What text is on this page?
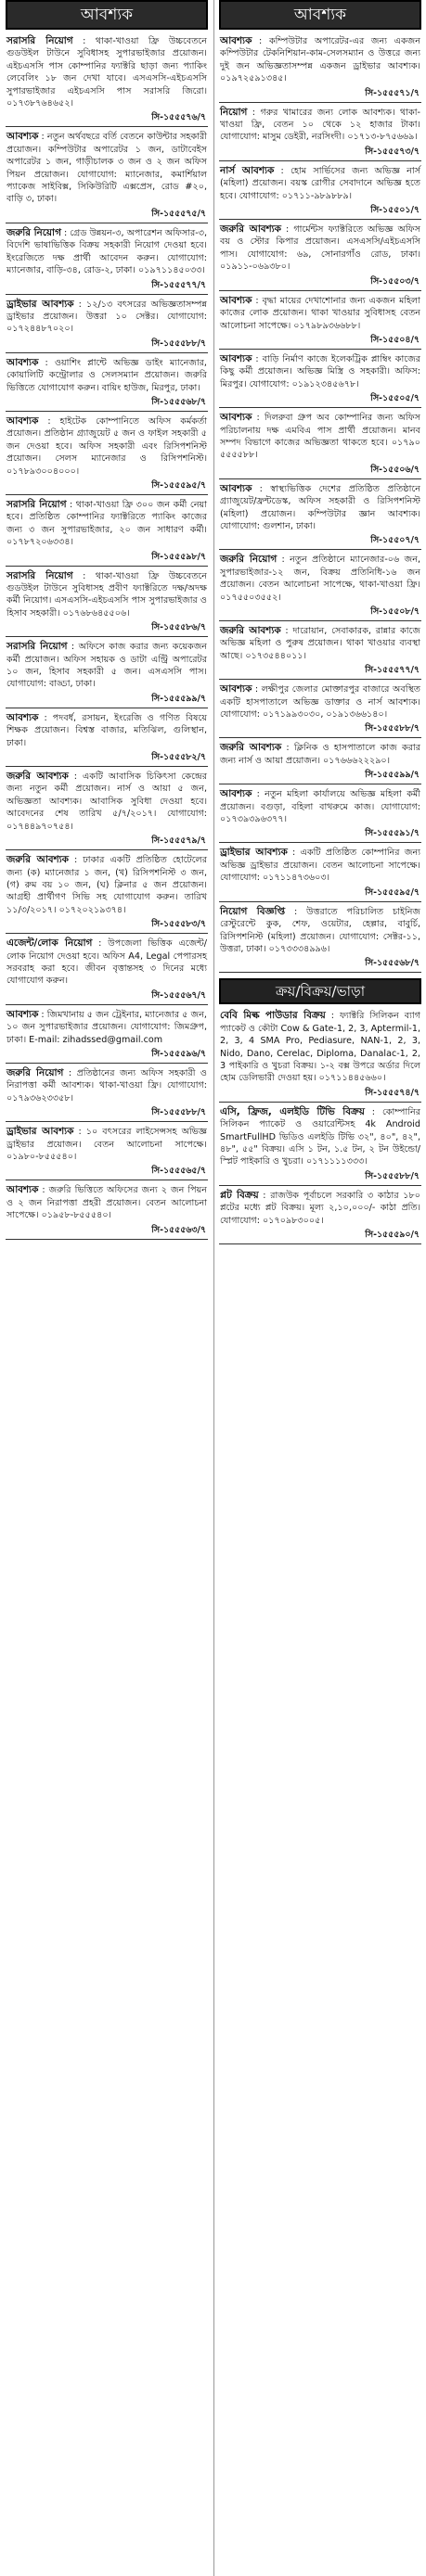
আবশ্যক
সরাসরি নিয়োগ : থাকা-খাওয়া ফ্রি উচ্চবেতনে গুডউইল টাউনে সুবিধাসহ সুপারভাইজার প্রয়োজন। এইচএসসি পাস কোম্পানির ফ্যাক্টরি ছাড়া জন্য প্যাকিং লেবেলিং ১৮ জন দেখা যাবে। এসএসসি-এইচএসসি সুপারভাইজার এইচএসসি পাস সরাসরি জিরো। ০১৭৩৮৭৬৪৬৫২।
সি-১৫৫৫৭৬/৭
আবশ্যক : নতুন অর্থবছরে বর্তি বেতনে কাউন্টার সহকারী প্রয়োজন। কম্পিউটার অপারেটর ১ জন, ডাটাবেইস অপারেটর ১ জন, গাড়ীচালক ৩ জন ও ২ জন অফিস পিয়ন প্রয়োজন। যোগাযোগ: ম্যানেজার, কমার্শিয়াল প্যাকেজ সাইবিক্স, সিকিউরিটি এক্সপ্রেস, রোড #২০, বাড়ি ৩, ঢাকা।
সি-১৫৫৫৭৫/৭
জরুরি নিয়োগ : গ্রেড উন্নয়ন-৩, অপারেশন অফিসার-৩, বিদেশি ভাষাভিত্তিক বিক্রয় সহকারী নিয়োগ দেওয়া হবে। ইংরেজিতে দক্ষ প্রার্থী আবেদন করুন। যোগাযোগ: ম্যানেজার, বাড়ি-৩৪, রোড-২, ঢাকা। ০১৯৭১১৪৫০৩৩।
সি-১৫৫৫৭৭/৭
ড্রাইভার আবশ্যক : ১২/১৩ বৎসরের অভিজ্ঞতাসম্পন্ন ড্রাইভার প্রয়োজন। উত্তরা ১০ সেক্টর। যোগাযোগ: ০১৭২৪৪৮৭০২০।
সি-১৫৫৫৮৮/৭
আবশ্যক : ওয়াশিং প্লান্টে অভিজ্ঞ ডাইং ম্যানেজার, কোয়ালিটি কন্ট্রোলার ও সেলসম্যান প্রয়োজন। জরুরি ভিত্তিতে যোগাযোগ করুন। বায়িং হাউজ, মিরপুর, ঢাকা।
সি-১৫৫৫৬৮/৭
আবশ্যক : হাইটেক কোম্পানিতে অফিস কর্মকর্তা প্রয়োজন। প্রতিষ্ঠান গ্র্যাজুয়েট ৫ জন ও ফাইল সহকারী ৫ জন দেওয়া হবে। অফিস সহকারী এবং রিসিপশনিস্ট প্রয়োজন। সেলস ম্যানেজার ও রিসিপশনিস্ট। ০১৭৮৯৩০০৪০০০।
সি-১৫৫৫৯৫/৭
সরাসরি নিয়োগ : থাকা-খাওয়া ফ্রি ৩০০ জন কর্মী নেয়া হবে। প্রতিষ্ঠিত কোম্পানির ফ্যাক্টরিতে প্যাকিং কাজের জন্য ৩ জন সুপারভাইজার, ২০ জন সাধারণ কর্মী। ০১৭৮৭২০৬৩৩৪।
সি-১৫৫৫৯৮/৭
সরাসরি নিয়োগ : থাকা-খাওয়া ফ্রি উচ্চবেতনে গুডউইল টাউনে সুবিধাসহ প্রবীণ ফ্যাক্টরিতে দক্ষ/অদক্ষ কর্মী নিয়োগ। এসএসসি-এইচএসসি পাস সুপারভাইজার ও হিসাব সহকারী। ০১৭৬৮৬৪৫৫০৬।
সি-১৫৫৫৮৬/৭
সরাসরি নিয়োগ : অফিসে কাজ করার জন্য কয়েকজন কর্মী প্রয়োজন। অফিস সহায়ক ও ডাটা এন্ট্রি অপারেটর ১০ জন, হিসাব সহকারী ৫ জন। এসএসসি পাস। যোগাযোগ: বাড্ডা, ঢাকা।
সি-১৫৫৫৯৯/৭
আবশ্যক : পদবর্ধ, রসায়ন, ইংরেজি ও গণিত বিষয়ে শিক্ষক প্রয়োজন। বিশ্বস্ত বাজার, মতিঝিল, গুলিস্থান, ঢাকা।
সি-১৫৫৫৮২/৭
জরুরি আবশ্যক : একটি আবাসিক চিকিৎসা কেন্দ্রের জন্য নতুন কর্মী প্রয়োজন। নার্স ও আয়া ৫ জন, অভিজ্ঞতা আবশ্যক। আবাসিক সুবিধা দেওয়া হবে। আবেদনের শেষ তারিখ ৫/৭/২০১৭। যোগাযোগ: ০১৭৪৪৯৭০৭৫৪।
সি-১৫৫৫৭৯/৭
জরুরি আবশ্যক : ঢাকার একটি প্রতিষ্ঠিত হোটেলের জন্য (ক) ম্যানেজার ১ জন, (খ) রিসিপশনিস্ট ৩ জন, (গ) রুম বয় ১০ জন, (ঘ) ক্লিনার ৫ জন প্রয়োজন। আগ্রহী প্রার্থীগণ সিভি সহ যোগাযোগ করুন। তারিখ ১১/৩/২০১৭। ০১৭২০২১৯৩৭৪।
সি-১৫৫৫৮৩/৭
এজেন্ট/লোক নিয়োগ : উপজেলা ভিত্তিক এজেন্ট/লোক নিয়োগ দেওয়া হবে। অফিস A4, Legal পেপারসহ সরবরাহ করা হবে। জীবন বৃত্তান্তসহ ৩ দিনের মধ্যে যোগাযোগ করুন।
সি-১৫৫৫৬৭/৭
আবশ্যক : জিমখানায় ৫ জন ট্রেইনার, ম্যানেজার ৫ জন, ১০ জন সুপারভাইজার প্রয়োজন। যোগাযোগ: জিমগ্রুপ, ঢাকা। E-mail: zihadssed@gmail.com
সি-১৫৫৫৯৬/৭
জরুরি নিয়োগ : প্রতিষ্ঠানের জন্য অফিস সহকারী ও নিরাপত্তা কর্মী আবশ্যক। থাকা-খাওয়া ফ্রি। যোগাযোগ: ০১৭৯৩৬২৩৩৫৮।
সি-১৫৫৫৮৮/৭
ড্রাইভার আবশ্যক : ১০ বৎসরের লাইসেন্সসহ অভিজ্ঞ ড্রাইভার প্রয়োজন। বেতন আলোচনা সাপেক্ষে। ০১৯৮০-৮৫৫৫৪০।
সি-১৫৫৫৬৫/৭
আবশ্যক : জরুরি ভিত্তিতে অফিসের জন্য ২ জন পিয়ন ও ২ জন নিরাপত্তা প্রহরী প্রয়োজন। বেতন আলোচনা সাপেক্ষে। ০১৯৫৮-৮৫৫৫৪০।
সি-১৫৫৫৬৩/৭
আবশ্যক
আবশ্যক : কম্পিউটার অপারেটর-এর জন্য একজন কম্পিউটার টেকনিশিয়ান-কাম-সেলসম্যান ও উত্তরে জন্য দুই জন অভিজ্ঞতাসম্পন্ন একজন ড্রাইভার আবশ্যক। ০১৯৭২৫৯১৩৪৫।
সি-১৫৫৫৭১/৭
নিয়োগ : গরুর খামারের জন্য লোক আবশ্যক। থাকা-খাওয়া ফ্রি, বেতন ১০ থেকে ১২ হাজার টাকা। যোগাযোগ: মাসুম ডেইরী, নরসিংদী। ০১৭১৩-৮৭৫৬৬৯।
সি-১৫৫৫৭৩/৭
নার্স আবশ্যক : হোম সার্ভিসের জন্য অভিজ্ঞ নার্স (মহিলা) প্রয়োজন। বয়স্ক রোগীর সেবাদানে অভিজ্ঞ হতে হবে। যোগাযোগ: ০১৭১১-৯৮৯৮৮৯।
সি-১৫৫০১/৭
জরুরি আবশ্যক : গার্মেন্টস ফ্যাক্টরিতে অভিজ্ঞ অফিস বয় ও স্টোর কিপার প্রয়োজন। এসএসসি/এইচএসসি পাস। যোগাযোগ: ৬৯, সোনারগাঁও রোড, ঢাকা। ০১৯১১-০৬৯৩৮০।
সি-১৫৫০৩/৭
আবশ্যক : বৃদ্ধা মায়ের দেখাশোনার জন্য একজন মহিলা কাজের লোক প্রয়োজন। থাকা খাওয়ার সুবিধাসহ বেতন আলোচনা সাপেক্ষে। ০১৭৯৮৯৩৬৬৮৮।
সি-১৫৫০৪/৭
আবশ্যক : বাড়ি নির্মাণ কাজে ইলেকট্রিক প্লাম্বিং কাজের কিছু কর্মী প্রয়োজন। অভিজ্ঞ মিস্ত্রি ও সহকারী। অফিস: মিরপুর। যোগাযোগ: ০১৯১২৩৪৫৬৭৮।
সি-১৫৫০৫/৭
আবশ্যক : দিলরুবা গ্রুপ অব কোম্পানির জন্য অফিস পরিচালনায় দক্ষ এমবিএ পাস প্রার্থী প্রয়োজন। মানব সম্পদ বিভাগে কাজের অভিজ্ঞতা থাকতে হবে। ০১৭৯০ ৫৫৫৫৮৮।
সি-১৫৫০৬/৭
আবশ্যক : স্বাস্থ্যভিত্তিক দেশের প্রতিষ্ঠিত প্রতিষ্ঠানে গ্র্যাজুয়েট/ফ্রন্টডেস্ক, অফিস সহকারী ও রিসিপশনিস্ট (মহিলা) প্রয়োজন। কম্পিউটার জ্ঞান আবশ্যক। যোগাযোগ: গুলশান, ঢাকা।
সি-১৫৫০৭/৭
জরুরি নিয়োগ : নতুন প্রতিষ্ঠানে ম্যানেজার-০৬ জন, সুপারভাইজার-১২ জন, বিক্রয় প্রতিনিধি-১৬ জন প্রয়োজন। বেতন আলোচনা সাপেক্ষে, থাকা-খাওয়া ফ্রি। ০১৭৫৫০৩৫৫২।
সি-১৫৫০৮/৭
জরুরি আবশ্যক : দারোয়ান, সেবাকারক, রান্নার কাজে অভিজ্ঞ মহিলা ও পুরুষ প্রয়োজন। থাকা খাওয়ার ব্যবস্থা আছে। ০১৭৩৫৪৪০১১।
সি-১৫৫৫৭৭/৭
আবশ্যক : লক্ষীপুর জেলার মোক্তারপুর বাজারে অবস্থিত একটি হাসপাতালে অভিজ্ঞ ডাক্তার ও নার্স আবশ্যক। যোগাযোগ: ০১৭১৯৯৩০৩০, ০১৯১৩৬৬১৪০।
সি-১৫৫৫৮৮/৭
জরুরি আবশ্যক : ক্লিনিক ও হাসপাতালে কাজ করার জন্য নার্স ও আয়া প্রয়োজন। ০১৭৬৬৬২২২৯০।
সি-১৫৫৫৯৯/৭
আবশ্যক : নতুন মহিলা কার্যালয়ে অভিজ্ঞ মহিলা কর্মী প্রয়োজন। বগুড়া, বহিলা বাথরুমে কাজ। যোগাযোগ: ০১৭৩৯৩৯৬৩৭৭।
সি-১৫৫৫৯১/৭
ড্রাইভার আবশ্যক : একটি প্রতিষ্ঠিত কোম্পানির জন্য অভিজ্ঞ ড্রাইভার প্রয়োজন। বেতন আলোচনা সাপেক্ষে। যোগাযোগ: ০১৭১১৪৭৩৬০৩।
সি-১৫৫৫৯৫/৭
নিয়োগ বিজ্ঞপ্তি : উত্তরাতে পরিচালিত চাইনিজ রেস্টুরেন্টে কুক, শেফ, ওয়েটার, হেল্পার, বাবুর্চি, রিসিপশনিস্ট (মহিলা) প্রয়োজন। যোগাযোগ: সেক্টর-১১, উত্তরা, ঢাকা। ০১৭৩৩৩৪৯৯৬।
সি-১৫৫৫৬৮/৭
ক্রয়/বিক্রয়/ভাড়া
বেবি মিল্ক পাউডার বিক্রয় : ফ্যাক্টরি সিলিকন ব্যাগ প্যাকেট ও কৌটা Cow & Gate-1, 2, 3, Aptermil-1, 2, 3, 4 SMA Pro, Pediasure, NAN-1, 2, 3, Nido, Dano, Cerelac, Diploma, Danalac-1, 2, 3 পাইকারি ও খুচরা বিক্রয়। ১-২ বক্স উপরে অর্ডার দিলে হোম ডেলিভারী দেওয়া হয়। ০১৭১১৪৪৫৬৬০।
সি-১৫৫৫৭৪/৭
এসি, ফ্রিজ, এলইডি টিভি বিক্রয় : কোম্পানির সিলিকন প্যাকেট ও ওয়ারেন্টিসহ 4k Android SmartFullHD ভিডিও এলইডি টিভি ৩২", ৪০", ৪২", ৪৮", ৫৫" বিক্রয়। এসি ১ টন, ১.৫ টন, ২ টন উইন্ডো/স্প্লিট পাইকারি ও খুচরা। ০১৭১১১১৩৩৩।
সি-১৫৫৫৮৮/৭
প্লট বিক্রয় : রাজউক পূর্বাচলে সরকারি ৩ কাঠার ১৮০ প্লটের মধ্যে প্লট বিক্রয়। মূল্য ২,১০,০০০/- কাঠা প্রতি। যোগাযোগ: ০১৭০৯৮৩০০৫।
সি-১৫৫৫৯০/৭
